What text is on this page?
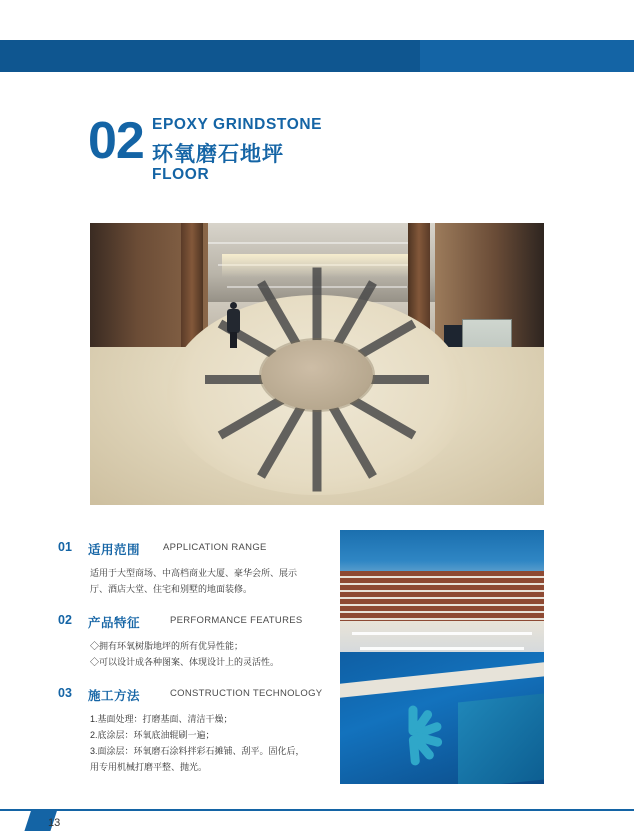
02 EPOXY GRINDSTONE
环氧磨石地坪
FLOOR
01 适用范围 APPLICATION RANGE
适用于大型商场、中高档商业大厦、豪华会所、展示
厅、酒店大堂、住宅和别墅的地面装修。
02 产品特征	PERFORMANCE FEATURES
◇拥有环氧树脂地坪的所有优异性能；
◇可以设计成各种图案、体现设计上的灵活性。
03 施工方法	CONSTRUCTION TECHNOLOGY
1.基面处理：打磨基面、清洁干燥；
2.底涂层：环氧底油辊刷一遍；
3.面涂层：环氧磨石涂料拌彩石摊铺、刮平。固化后，
用专用机械打磨平整、抛光。
13
